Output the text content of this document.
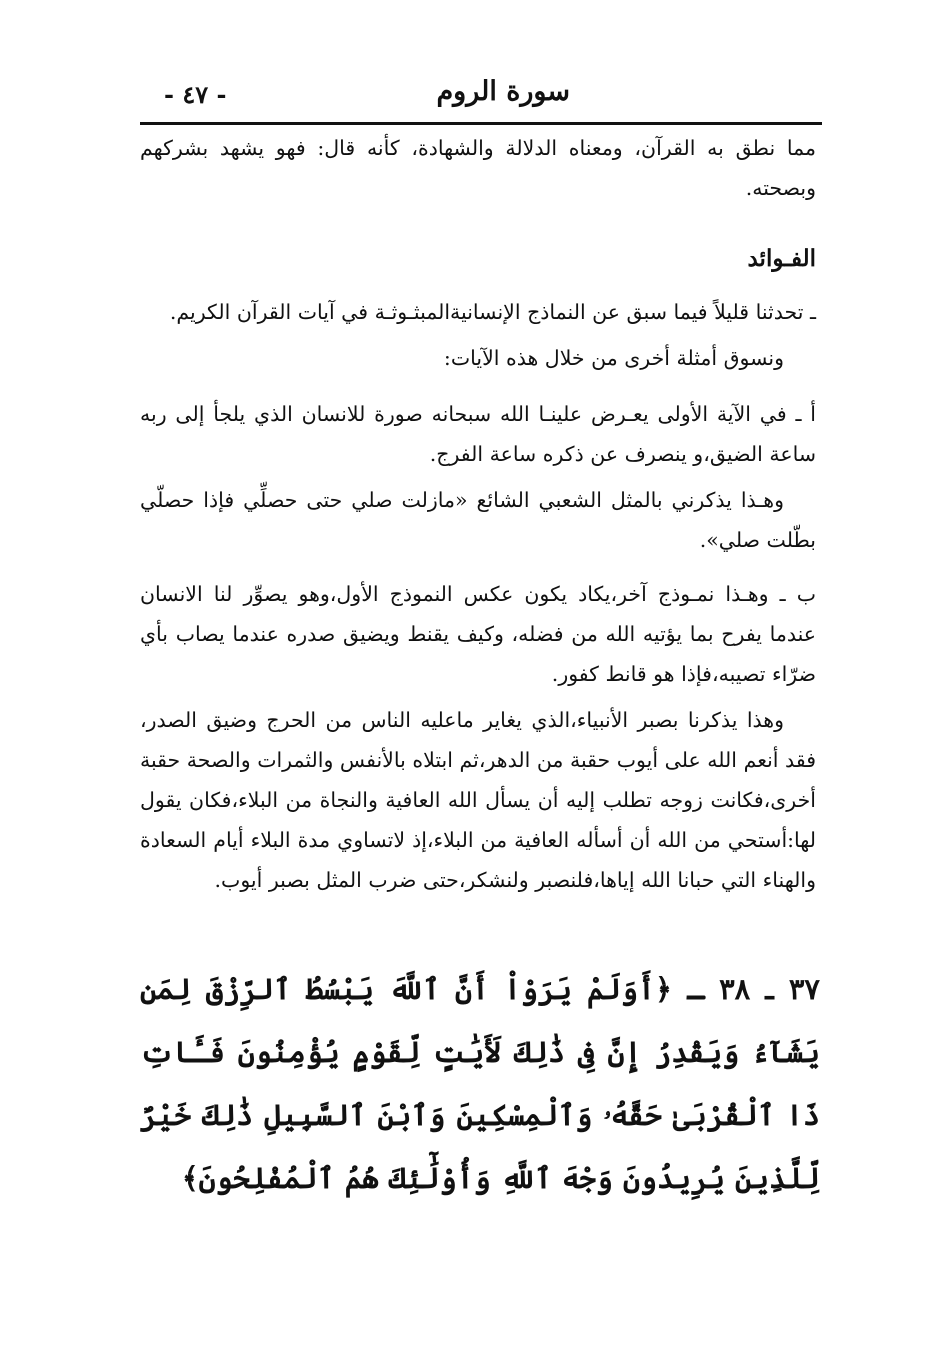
سورة الروم
- ٤٧ -

مما نطق به القرآن، ومعناه الدلالة والشهادة، كأنه قال: فهو يشهد بشركهم وبصحته.

الفـوائد

ـ تحدثنا قليلاً فيما سبق عن النماذج الإنسانيةالمبثـوثـة في آيات القرآن الكريم.

ونسوق أمثلة أخرى من خلال هذه الآيات:

أ ـ في الآية الأولى يعـرض علينـا الله سبحانه صورة للانسان الذي يلجأ إلى ربه ساعة الضيق،و ينصرف عن ذكره ساعة الفرج.

وهـذا يذكرني بالمثل الشعبي الشائع «مازلت صلي حتى حصلِّي فإذا حصلّي بطّلت صلي».

ب ـ وهـذا نمـوذج آخر،يكاد يكون عكس النموذج الأول،وهو يصوِّر لنا الانسان عندما يفرح بما يؤتيه الله من فضله، وكيف يقنط ويضيق صدره عندما يصاب بأي ضرّاء تصيبه،فإذا هو قانط كفور.

وهذا يذكرنا بصبر الأنبياء،الذي يغاير ماعليه الناس من الحرج وضيق الصدر، فقد أنعم الله على أيوب حقبة من الدهر،ثم ابتلاه بالأنفس والثمرات والصحة حقبة أخرى،فكانت زوجه تطلب إليه أن يسأل الله العافية والنجاة من البلاء،فكان يقول لها:أستحي من الله أن أسأله العافية من البلاء،إذ لاتساوي مدة البلاء أيام السعادة والهناء التي حبانا الله إياها،فلنصبر ولنشكر،حتى ضرب المثل بصبر أيوب.

٣٧ ـ ٣٨ ـ ﴿أَوَلَمْ يَرَوْاْ أَنَّ ٱللَّهَ يَبْسُطُ ٱلرِّزْقَ لِمَن يَشَآءُ وَيَقْدِرُ إِنَّ فِى ذَٰلِكَ لَأَيَٰتٍ لِّقَوْمٍ يُؤْمِنُونَ فَـَٔاتِ ذَا ٱلْقُرْبَىٰ حَقَّهُۥ وَٱلْمِسْكِينَ وَٱبْنَ ٱلسَّبِيلِ ذَٰلِكَ خَيْرٌ لِّلَّذِينَ يُرِيدُونَ وَجْهَ ٱللَّهِ وَأُوْلَٰٓئِكَ هُمُ ٱلْمُفْلِحُونَ﴾
